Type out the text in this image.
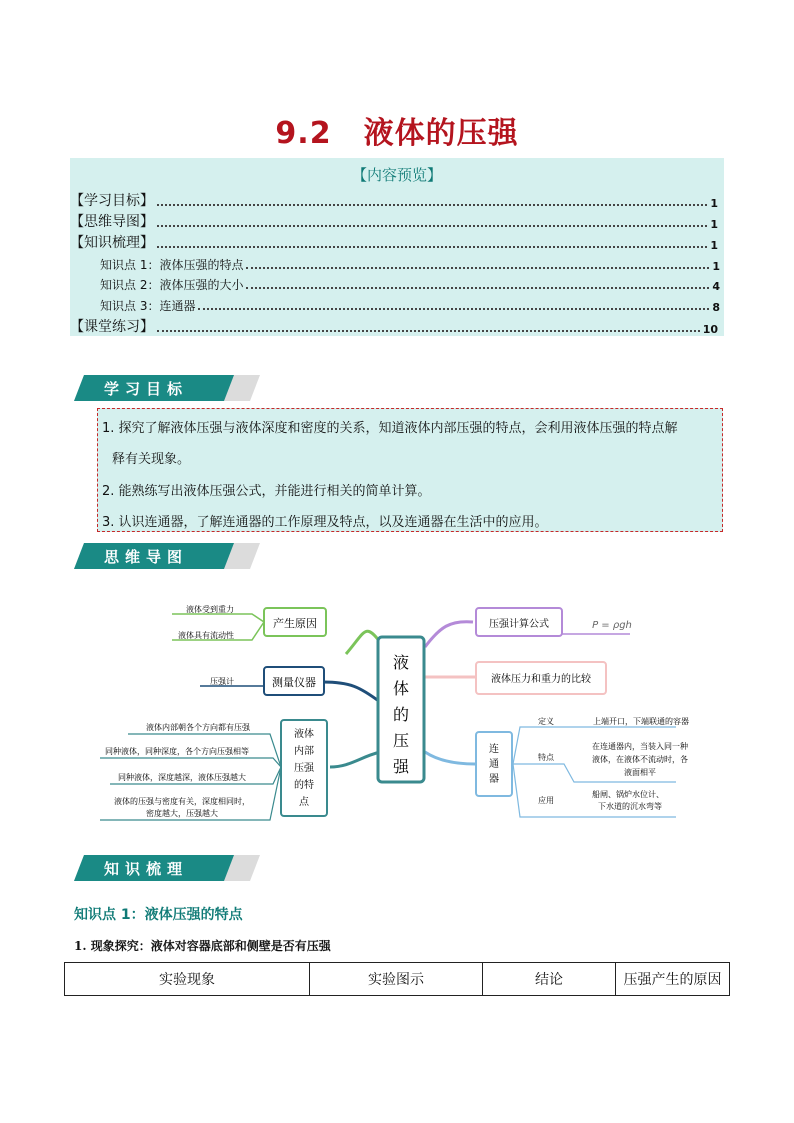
9.2 液体的压强
【内容预览】
【学习目标】	1
【思维导图】	1
【知识梳理】	1
知识点 1：液体压强的特点	1
知识点 2：液体压强的大小	4
知识点 3：连通器	8
【课堂练习】	10
学习目标
1. 探究了解液体压强与液体深度和密度的关系，知道液体内部压强的特点，会利用液体压强的特点解
释有关现象。
2. 能熟练写出液体压强公式，并能进行相关的简单计算。
3. 认识连通器，了解连通器的工作原理及特点，以及连通器在生活中的应用。
思维导图
液
体
的
压
强
产生原因
液体受到重力
液体具有流动性
测量仪器
压强计
液体
内部
压强
的特
点
液体内部朝各个方向都有压强
同种液体，同种深度，各个方向压强相等
同种液体，深度越深，液体压强越大
液体的压强与密度有关，深度相同时，
密度越大，压强越大
压强计算公式	P = ρgh
液体压力和重力的比较
连
通
器
定义	上端开口，下端联通的容器
特点
在连通器内，当装入同一种
液体，在液体不流动时，各
液面相平
应用
船闸、锅炉水位计、
下水道的沉水弯等
知识梳理
知识点 1：液体压强的特点
1. 现象探究：液体对容器底部和侧壁是否有压强
实验现象	实验图示	结论	压强产生的原因
